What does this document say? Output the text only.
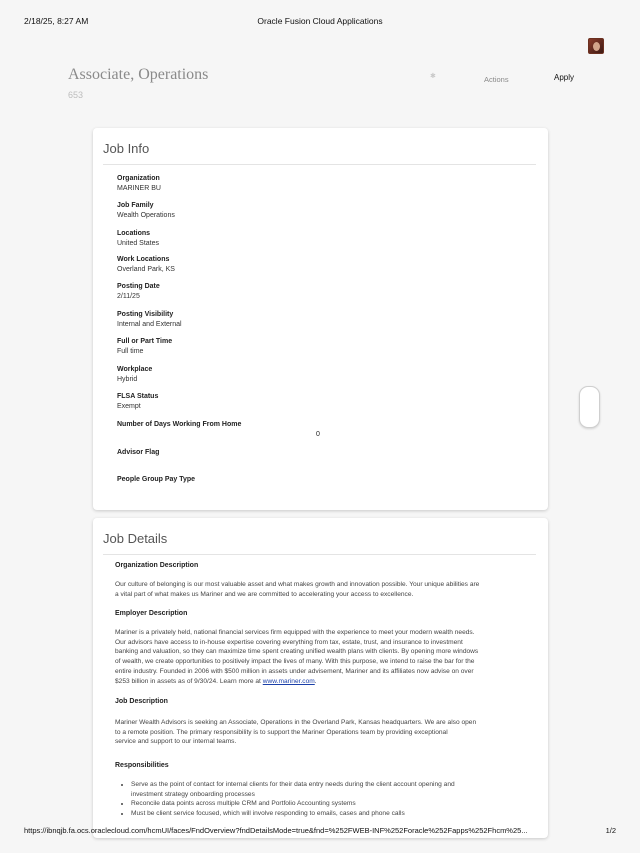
2/18/25, 8:27 AM	Oracle Fusion Cloud Applications
Associate, Operations
653
✱	Actions	Apply
Job Info
Organization
MARINER BU
Job Family
Wealth Operations
Locations
United States
Work Locations
Overland Park, KS
Posting Date
2/11/25
Posting Visibility
Internal and External
Full or Part Time
Full time
Workplace
Hybrid
FLSA Status
Exempt
Number of Days Working From Home
0
Advisor Flag
People Group Pay Type
Job Details
Organization Description
Our culture of belonging is our most valuable asset and what makes growth and innovation possible. Your unique abilities are
a vital part of what makes us Mariner and we are committed to accelerating your access to excellence.
Employer Description
Mariner is a privately held, national financial services firm equipped with the experience to meet your modern wealth needs.
Our advisors have access to in-house expertise covering everything from tax, estate, trust, and insurance to investment
banking and valuation, so they can maximize time spent creating unified wealth plans with clients. By opening more windows
of wealth, we create opportunities to positively impact the lives of many. With this purpose, we intend to raise the bar for the
entire industry. Founded in 2006 with $500 million in assets under advisement, Mariner and its affiliates now advise on over
$253 billion in assets as of 9/30/24. Learn more at www.mariner.com.
Job Description
Mariner Wealth Advisors is seeking an Associate, Operations in the Overland Park, Kansas headquarters. We are also open
to a remote position. The primary responsibility is to support the Mariner Operations team by providing exceptional
service and support to our internal teams.
Responsibilities
• Serve as the point of contact for internal clients for their data entry needs during the client account opening and
investment strategy onboarding processes
• Reconcile data points across multiple CRM and Portfolio Accounting systems
• Must be client service focused, which will involve responding to emails, cases and phone calls
https://ibnqjb.fa.ocs.oraclecloud.com/hcmUI/faces/FndOverview?fndDetailsMode=true&fnd=%252FWEB-INF%252Foracle%252Fapps%252Fhcm%25...	1/2
